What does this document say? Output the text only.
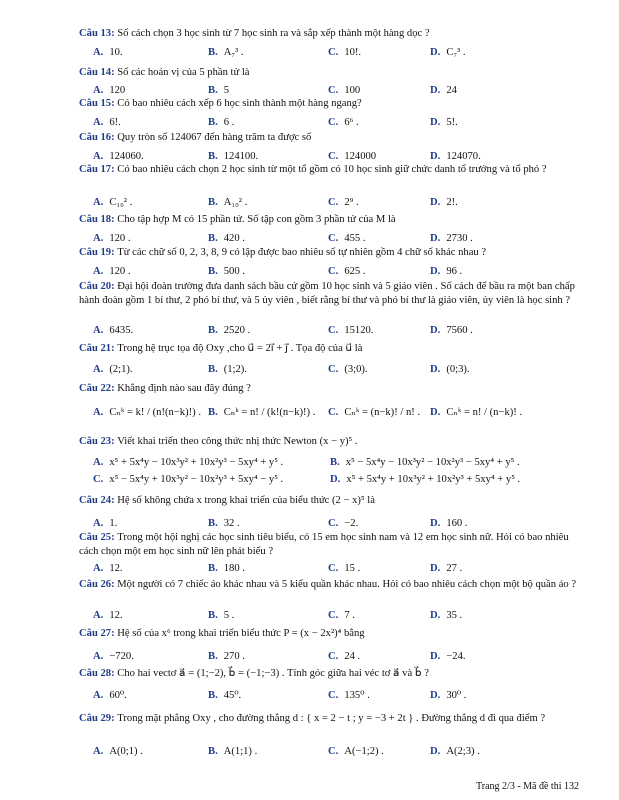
Câu 13: Số cách chọn 3 học sinh từ 7 học sinh ra và sắp xếp thành một hàng dọc ?
A. 10.	B. A₇³ .	C. 10!.	D. C₇³ .
Câu 14: Số các hoán vị của 5 phần tử là
A. 120	B. 5	C. 100	D. 24
Câu 15: Có bao nhiêu cách xếp 6 học sinh thành một hàng ngang?
A. 6!.	B. 6 .	C. 6⁶ .	D. 5!.
Câu 16: Quy tròn số 124067 đến hàng trăm ta được số
A. 124060.	B. 124100.	C. 124000	D. 124070.
Câu 17: Có bao nhiêu cách chọn 2 học sinh từ một tổ gồm có 10 học sinh giữ chức danh tổ trưởng và tổ phó ?
A. C₁₀² .	B. A₁₀² .	C. 2⁹ .	D. 2!.
Câu 18: Cho tập hợp M có 15 phần tử. Số tập con gồm 3 phần tử của M là
A. 120 .	B. 420 .	C. 455 .	D. 2730 .
Câu 19: Từ các chữ số 0, 2, 3, 8, 9 có lập được bao nhiêu số tự nhiên gồm 4 chữ số khác nhau ?
A. 120 .	B. 500 .	C. 625 .	D. 96 .
Câu 20: Đại hội đoàn trường đưa danh sách bầu cử gồm 10 học sinh và 5 giáo viên . Số cách để bầu ra một ban chấp hành đoàn gồm 1 bí thư, 2 phó bí thư, và 5 ủy viên , biết rằng bí thư và phó bí thư là giáo viên, ủy viên là học sinh ?
A. 6435.	B. 2520 .	C. 15120.	D. 7560 .
Câu 21: Trong hệ trục tọa độ Oxy ,cho u⃗ = 2i⃗ + j⃗ . Tọa độ của u⃗ là
A. (2;1).	B. (1;2).	C. (3;0).	D. (0;3).
Câu 22: Khẳng định nào sau đây đúng ?
A. Cₙᵏ = k! / (n!(n−k)!) . B. Cₙᵏ = n! / (k!(n−k)!) . C. Cₙᵏ = (n−k)! / n! . D. Cₙᵏ = n! / (n−k)! .
Câu 23: Viết khai triển theo công thức nhị thức Newton (x − y)⁵ .
A. x⁵ + 5x⁴y − 10x³y² + 10x²y³ − 5xy⁴ + y⁵ .	B. x⁵ − 5x⁴y − 10x³y² − 10x²y³ − 5xy⁴ + y⁵ .
C. x⁵ − 5x⁴y + 10x³y² − 10x²y³ + 5xy⁴ − y⁵ .	D. x⁵ + 5x⁴y + 10x³y² + 10x²y³ + 5xy⁴ + y⁵ .
Câu 24: Hệ số không chứa x trong khai triển của biểu thức (2 − x)⁵ là
A. 1.	B. 32 .	C. −2.	D. 160 .
Câu 25: Trong một hội nghị các học sinh tiêu biểu, có 15 em học sinh nam và 12 em học sinh nữ. Hỏi có bao nhiêu cách chọn một em học sinh nữ lên phát biểu ?
A. 12.	B. 180 .	C. 15 .	D. 27 .
Câu 26: Một người có 7 chiếc áo khác nhau và 5 kiểu quần khác nhau. Hỏi có bao nhiêu cách chọn một bộ quần áo ?
A. 12.	B. 5 .	C. 7 .	D. 35 .
Câu 27: Hệ số của x⁶ trong khai triển biểu thức P = (x − 2x²)⁴ bằng
A. −720.	B. 270 .	C. 24 .	D. −24.
Câu 28: Cho hai vectơ a⃗ = (1;−2), b⃗ = (−1;−3) . Tính góc giữa hai véc tơ a⃗ và b⃗ ?
A. 60⁰.	B. 45⁰.	C. 135⁰ .	D. 30⁰ .
Câu 29: Trong mặt phẳng Oxy , cho đường thẳng d : { x = 2 − t ; y = −3 + 2t } . Đường thẳng d đi qua điểm ?
A. A(0;1) .	B. A(1;1) .	C. A(−1;2) .	D. A(2;3) .
Trang 2/3 - Mã đề thi 132
